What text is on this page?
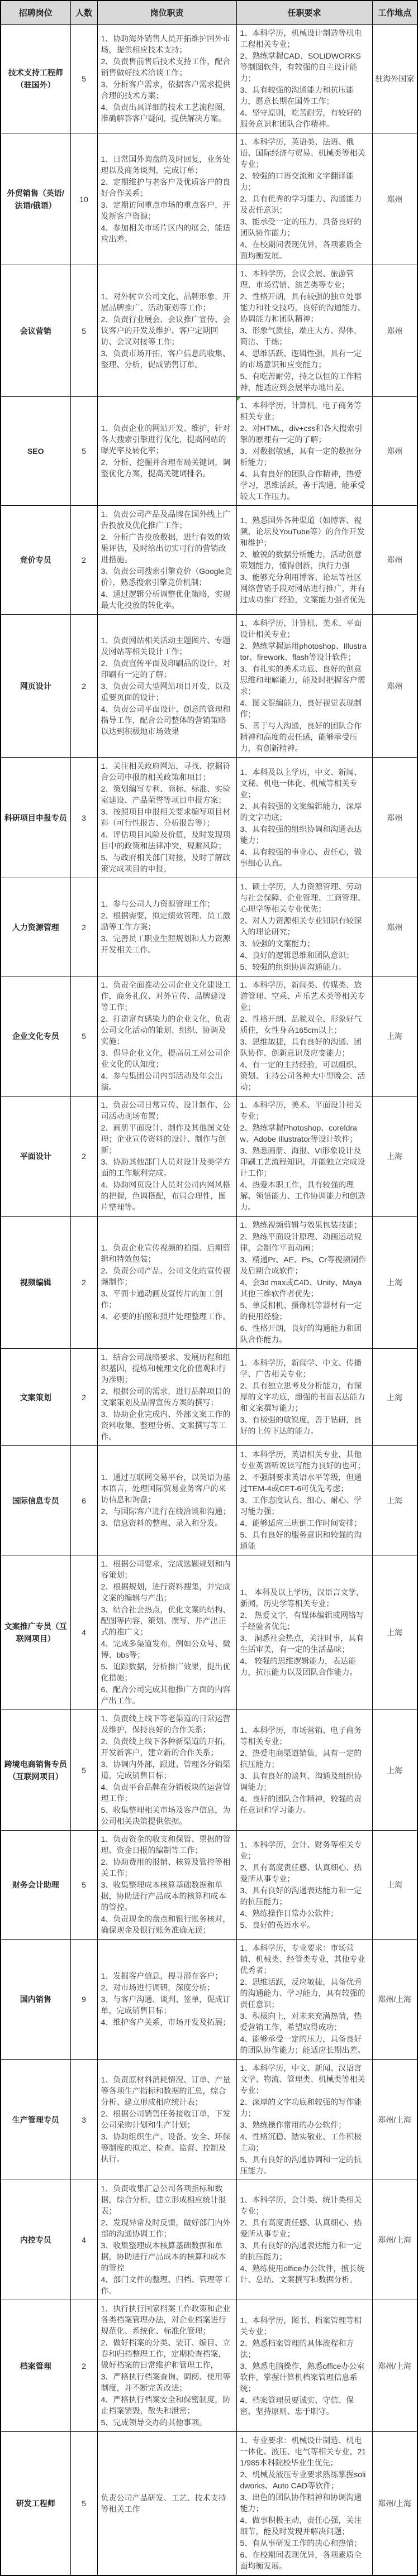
招聘岗位	人数	岗位职责	任职要求	工作地点
技术支持工程师（驻国外）	5	
1、协助海外销售人员开拓维护国外市场，提供相应技术支持；
2、负责售前售后技术支持工作，配合销售做好技术洽谈工作；
3、分析客户需求，依据客户需求提供合理的技术方案；
4、负责出具详细的技术工艺流程图，准确解答客户疑问，提供解决方案。

1、本科学历，机械设计制造等机电工程相关专业；
2、熟练掌握CAD、SOLIDWORKS等制图软件，有较强的自主设计能力；
3、具有较强的沟通能力和抗压能力，愿意长期在国外工作；
4、坚守原则，吃苦耐劳，有较好的服务意识和团队合作精神。
	驻海外国家
外贸销售（英语/法语/俄语）	10	
1、日常国外询盘的及时回复，业务处理以及商务谈判，完成订单；
2、定期维护与老客户及优质客户的良好合作关系；
3、定期访问重点市场的重点客户，开发新客户资源；
4、参加相关市场片区内的展会，能适应出差。

1、本科学历，英语类、法语、俄语、国际经济与贸易、机械类等相关专业；
2、较强的口语交流和文字翻译能力；
2、具有优秀的学习能力、沟通能力及责任意识；
3、能承受一定的压力，具备良好的团队协作能力；
4、在校期间表现优异，各项素质全面均衡发展。
	郑州
会议营销	5	
1、对外树立公司文化、品牌形象，开展品牌推广、活动策划等工作；
2、负责行业展会、会议推广宣传、会议客户的开发及维护、客户定期回访、会议对接等工作；
3、负责市场开拓，客户信息的收集、整理、分析，促成销售订单。

1、本科学历，会议会展、旅游管理、市场营销、演艺类等专业；
2、性格开朗，具有较强的独立处事能力和社交技巧，良好的沟通能力、协调能力和团队精神；
3、形象气质佳，端庄大方、得体，简洁、干练；
4、思维活跃、逻辑性强，具有一定的市场意识和应变能力；
5、有吃苦耐劳，持之以恒的工作精神，能适应到会展举办地出差。
	郑州
SEO	5	
1、负责企业的网站开发、维护，针对各大搜索引擎进行优化，提高网站的曝光率及转化率；
2、分析、挖掘并合理布局关键词，调整优化方案，提高关键词排名。

1、本科学历，计算机，电子商务等相关专业；
2、对HTML，div+css和各大搜索引擎的原理有一定的了解；
3、对数据敏感，具有一定的数据分析能力；
4、具有良好的团队合作精神，热爱学习，思维活跃，善于沟通，能承受较大工作压力。
	郑州
竞价专员	2	
1、负责公司产品及品牌在国外线上广告投放及优化推广工作；
2、分析广告投放数据，进行有效的效果评估，及时给出切实可行的营销改进措施。
3、负责公司搜索引擎竞价（Google竞价），熟悉搜索引擎竞价机制；
4、通过逻辑分析调整优化策略，实现最大化投放的转化率。

1、熟悉国外各种渠道（如博客、视频、论坛及YouTube等）的合作开发和维护；
2、敏锐的数据分析能力，活动创意策划能力，懂得创新，执行力强
3、能够充分利用博客、论坛等社区网络营销手段对网站进行推广，并有过成功推广经验，文案能力强者优先
	郑州
网页设计	2	
1、负责网站相关活动主题图片、专题及网站等相关设计工作；
2、负责宣传平面及印刷品的设计，对印刷有一定的了解；
3、负责公司大型网站项目开发，以及重要页面的设计；
4、负责公司平面设计、创意的管理和指导工作，配合公司整体的营销策略以达到积极地市场效果

1、本科学历，计算机、美术、平面设计相关专业；
2、熟练掌握运用photoshop、Illustrator、firework、flash等设计软件；
3、有扎实的美术功底、良好的创意思维和理解能力，能及时把握客户需求；
4、图文混编能力，良好视觉表现制作；
5、善于与人沟通，良好的团队合作精神和高度的责任感，能够承受压力，有创新精神。
	郑州
科研项目申报专员	3	
1、关注相关政府网站，寻找、挖掘符合公司申报的相关政策和项目；
2、策划编写专利、商标、标准、实验室建设、产品荣誉等项目申报方案；
3、按照项目申报相关要求编写项目材料（可行性报告、分析报告等）；
4、评估项目风险及价值，及时发现项目中的政策和法律冲突，规避风险；
5、与政府相关部门对接，及时了解政策完成项目的申报。

1、本科及以上学历，中文、新闻、文秘、机电一体化、机械等相关专业；
2、具有较强的文案编辑能力，深厚的文字功底；
3、具有较强的组织协调和沟通表达能力；
4、具有较强的事业心、责任心，做事细心认真。
	郑州
人力资源管理	2	
1、参与公司人力资源管理工作；
2、根据需要，拟定绩效管理、员工激励等工作方案；
3、完善员工职业生涯规划和人力资源开发相关工作。

1、硕士学历，人力资源管理、劳动与社会保障、企业管理、工商管理、心理学等相关专业优先；
2、对人力资源相关专业知识有较深入的理论研究；
3、较强的文案能力；
4、良好的逻辑思维和团队意识；
5、较强的组织协调沟通能力。
	郑州
企业文化专员	5	
1、负责全面推动公司企业文化建设工作，商务礼仪、对外宣传、品牌建设等工作；
2、打造富有感染力的企业文化，负责公司文化活动的策划、组织、协调及实施；
3、倡导企业文化，提高员工对公司企业文化的认知度；
4、参与集团公司内部活动及年会出演。

1、本科学历，新闻类、传媒类、旅游管理、空乘、声乐艺术类等相关专业；
2、性格开朗、品貌双全、形象好气质佳，女性身高165cm以上；
3、思维敏捷，具有良好的沟通、团队协作、创新意识及应变能力；
4、有一定的主持经验，可以组织、策划、主持公司各种大中型晚会、活动；
	上海
平面设计	2	
1、负责公司日常宣传、设计制作、公司活动现场布置；
2、画册平面设计、制作及其他图文处理；企业宣传资料的设计、制作与创新；
3、协助其他部门人员对设计及美学方面的工作顺利完成。
4、协助网页设计人员对公司内网风格的把握，色调搭配，布局合理性，图片整理等。

1、本科学历，美术、平面设计相关专业；
2、熟练掌握Photoshop、coreldraw、Adobe Illustrator等设计软件；
3、熟悉画册、海报、VI形象设计及印刷工艺流程知识，并能独立完成设计工作；
4、热爱本职工作，具有较强的理解、领悟能力、工作协调能力和创造力。
	上海
视频编辑	2	
1、负责企业宣传视频的拍摄、后期剪辑和特效包装；
2、负责公司产品、公司文化的宣传视频制作；
3、平面卡通动画及宣传片的加工创作；
4、必要的拍照和照片处理整理工作。

1、熟练视频剪辑与效果包装技能；
2、熟练平面设计原理、动画运动规律，会制作平面动画；
3、精通Pr、AE、Ps、Cr等视频制作及后期合成软件；
4、会3d max或C4D、Unity、Maya其他三维软件者优先；
5、单反相机、摄像机等器材有一定的使用经验；
6、性格开朗，良好的沟通能力和团队合作能力。
	上海
文案策划	2	
1、结合公司战略要求、发展历程和组织基因，提炼和梳理文化价值观和行为准则；
2、根据公司的需求，进行品牌项目的文案策划及品牌宣传方案的撰写；
3、协助企业完成内、外部文案工作的资料收集、整理分析、文案撰写等工作。

1、本科学历，新闻学、中文、传播学、广告相关专业；
2、具有独立思考及分析能力，有深厚的文字功底，超强的书面表达能力和文案撰写能力；
3、有极强的敏锐度，善于钻研，良好的上传下达的能力。
	上海
国际信息专员	6	
1、通过互联网交易平台，以英语为基本语言，处理国际贸易业务客户的来访信息和询盘；
2、与国际客户进行在线洽谈和沟通；
3、信息资料的整理、录入和分发。

1、本科学历，英语相关专业，其他专业英语听说读写能力良好的也可；
2、不强制要求英语水平等级，但通过TEM-4或CET-6可优先考虑；
3、工作态度认真、细心、耐心、学习能力强；
4、能够适应三班倒工作时间安排；
5、具有良好的服务意识和较强的沟通能
	上海
文案推广专员（互联网项目）	4	
1、根据公司要求，完成选题规划和内容策划；
2、根据规划，进行资料搜集，并完成文案的编辑与产出；
3、结合社会热点，优化文案的结构、配图等内容，策划、撰写、并产出正式的推广文；
4、完成多渠道发布，例如公众号、微博、bbs等；
5、追踪数据，分析推广效果，提出优化措施；
6、配合公司完成其他推广方面的内容产出工作。

1、 本科及以上学历，汉语言文学，新闻，历史学等相关专业；
2、 热爱文字，有媒体编辑或网络写手经验者优先；
3、 洞悉社会热点，关注时事，具有生活审美，有一定的生活品味；
4、 较强的思维逻辑能力，表达能力，抗压能力以及团队合作能力。
	上海
跨境电商销售专员（互联网项目）	5	
1、负责线上线下等老渠道的日常运营及维护，保持良好的合作关系；
2、负责线上线下各种新渠道的开拓，开发新客户，建立新的合作关系；
3、协调内外部，跟进、管理各分销渠道，完成销售目标；
4、负责平台品牌在分销板块的运营管理工作；
5、收集整理相关市场及客户信息，为公司相关决策提供依据。

1、本科学历，市场营销、电子商务等相关专业；
2、热爱电商渠道销售，具有一定的抗压能力；
3、具有良好的谈判、沟通及组织协调能力；
4、良好的团队合作精神，较强的责任意识和学习能力。
	上海
财务会计助理	5	
1、负责资金的收支和保管、票据的管理、资金日报的编制等工作；
2、协助费用的报销、核算及管控等相关工作；
3、收集整理成本核算基础数据和单据，协助进行产品成本的核算和成本的管控。
4、负责现金的盘点和银行账务核对，确保现金及银行账务准确无误；

1、本科学历，会计、财务等相关专业；
2、具有高度责任感、认真细心、热爱所从事专业；
3、具有良好的沟通表达能力和一定的抗压能力；
4、熟练操作日常办公软件；
5、良好的英语水平。
	上海
国内销售	9	
1、发掘客户信息，搜寻潜在客户；
2、对市场进行调研，深度分析；
3、与客户沟通、谈判、签单，促成订单，完成销售目标；
4、维护客户关系，市场开发及拓展；

1、本科学历，专业要求：市场营销、机械类、经管类专业，其他专业优秀者；
2、思维活跃，反应敏捷，具备优秀的沟通能力、学习能力，具有较强的责任意识；
3、积极向上，对未来充满热情，热爱营销工作，希望取得成功；
4、能够承受一定的压力，具备良好的团队协作能力；能适应长期出差。
	郑州/上海
生产管理专员	3	
1、负责原材料消耗情况、订单、产量等各项生产指标和数据的汇总，综合分析、建立形成相应统计表；
2、根据公司销售任务接收订单，下发公司采购计划和生产计划；
3、协助组织生产、设备、安全、环保等制度的拟定、检查、监督、控制及执行。

1、本科学历，中文、新闻、汉语言文学、物流、管理类、机械类等相关专业；
2、深厚的文字功底和较强的写作能力；
3、熟练操作常用的办公软件；
4、性格沉稳、踏实敬业、工作积极主动；
5、具有良好的沟通协调和一定的抗压能力。
	郑州/上海
内控专员	4	
1、负责收集汇总公司各项指标和数据，综合分析，建立形成相应统计报表；
2、发现异常及时反馈，做好部门内外部的沟通协调工作；
3、收集整理成本核算基础数据和单据，协助进行产品成本的核算和成本的管控
4、部门文件的整理、归档、管理等工作。

1、本科学历，会计类、统计类相关专业；
2、具有高度责任感、认真细心、热爱所从事专业；
3、具有良好的沟通表达能力和一定的抗压能力；
4、熟练使用office办公软件，擅长统计、总结、文案撰写和数据分析。
	郑州/上海
档案管理	2	
1、执行执行国家档案工作政策和企业各类档案管理办法，对企业档案进行规范化、系统化、标准化管理；
2、做好档案的分类、装订、编目、立卷和归档整理工作，定期检查档案，做好档案的日常维护和管理工作，
3、严格执行档案查询、调阅、使用等制度，并不断完善改进；
4、严格执行档案安全和保密制度，防止档案销毁，散失和泄密；
5、完成领导交办的其他事项。

1、本科学历，图书、档案管理等相关专业；
2、熟悉档案管理的具体流程和方法；
3、熟悉电脑操作，熟悉office办公室软件，掌握计算机档案管理信息系统；
4、档案管理员要诚实、守信、保密、坚持原则、忠于职守。
	郑州/上海
研发工程师	5	
负责公司产品研发、工艺、技术支持等相关工作

1、专业要求：机械设计制造、机电一体化、液压、电气等相关专业，211/985本科院校毕业生优先；
2、机械及液压专业要求熟练掌握solidworks、Auto CAD等软件；
3、出色的团队协作精神和协调沟通能力；
4、做事积极主动，责任心强，关注细节，能及时发现并解决问题；
5、有从事研发工作的决心和热情；
6、在校期间表现优异，各项素质全面均衡发展。
	郑州/上海
